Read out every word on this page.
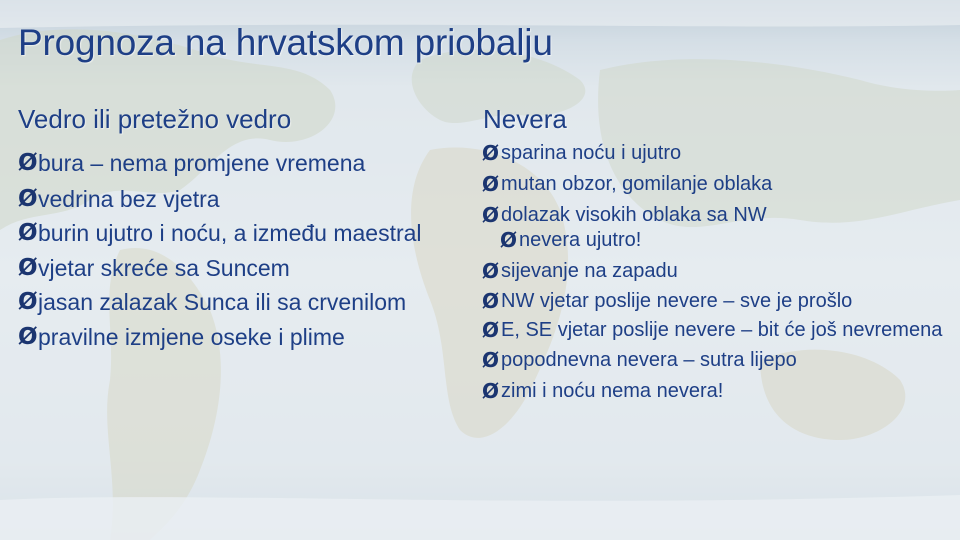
Prognoza na hrvatskom priobalju
Vedro ili pretežno vedro	Nevera
Ø bura – nema promjene vremena
Ø vedrina bez vjetra
Ø burin ujutro i noću, a između maestral
Ø vjetar skreće sa Suncem
Ø jasan zalazak Sunca ili sa crvenilom
Ø pravilne izmjene oseke i plime
Ø sparina noću i ujutro
Ø mutan obzor, gomilanje oblaka
Ø dolazak visokih oblaka sa NW
Ø nevera ujutro!
Ø sijevanje na zapadu
Ø NW vjetar poslije nevere – sve je prošlo
Ø E, SE vjetar poslije nevere – bit će još nevremena
Ø popodnevna nevera – sutra lijepo
Ø zimi i noću nema nevera!
